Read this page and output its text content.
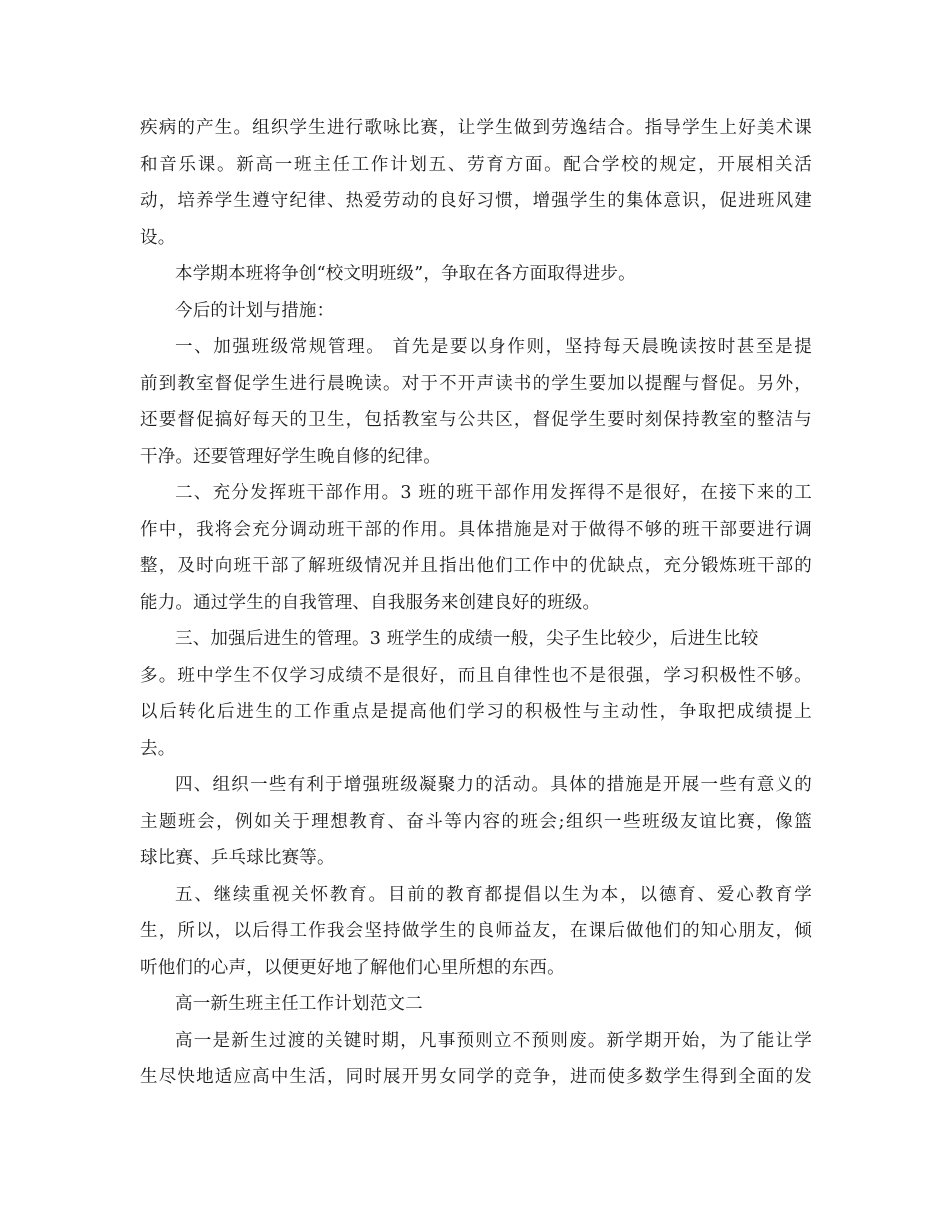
疾病的产生。组织学生进行歌咏比赛，让学生做到劳逸结合。指导学生上好美术课
和音乐课。新高一班主任工作计划五、劳育方面。配合学校的规定，开展相关活
动，培养学生遵守纪律、热爱劳动的良好习惯，增强学生的集体意识，促进班风建
设。
本学期本班将争创“校文明班级”，争取在各方面取得进步。
今后的计划与措施：
一、加强班级常规管理。 首先是要以身作则，坚持每天晨晚读按时甚至是提
前到教室督促学生进行晨晚读。对于不开声读书的学生要加以提醒与督促。另外，
还要督促搞好每天的卫生，包括教室与公共区，督促学生要时刻保持教室的整洁与
干净。还要管理好学生晚自修的纪律。
二、充分发挥班干部作用。3 班的班干部作用发挥得不是很好，在接下来的工
作中，我将会充分调动班干部的作用。具体措施是对于做得不够的班干部要进行调
整，及时向班干部了解班级情况并且指出他们工作中的优缺点，充分锻炼班干部的
能力。通过学生的自我管理、自我服务来创建良好的班级。
三、加强后进生的管理。3 班学生的成绩一般，尖子生比较少，后进生比较
多。班中学生不仅学习成绩不是很好，而且自律性也不是很强，学习积极性不够。
以后转化后进生的工作重点是提高他们学习的积极性与主动性，争取把成绩提上
去。
四、组织一些有利于增强班级凝聚力的活动。具体的措施是开展一些有意义的
主题班会，例如关于理想教育、奋斗等内容的班会;组织一些班级友谊比赛，像篮
球比赛、乒乓球比赛等。
五、继续重视关怀教育。目前的教育都提倡以生为本，以德育、爱心教育学
生，所以，以后得工作我会坚持做学生的良师益友，在课后做他们的知心朋友，倾
听他们的心声，以便更好地了解他们心里所想的东西。
高一新生班主任工作计划范文二
高一是新生过渡的关键时期，凡事预则立不预则废。新学期开始，为了能让学
生尽快地适应高中生活，同时展开男女同学的竞争，进而使多数学生得到全面的发
